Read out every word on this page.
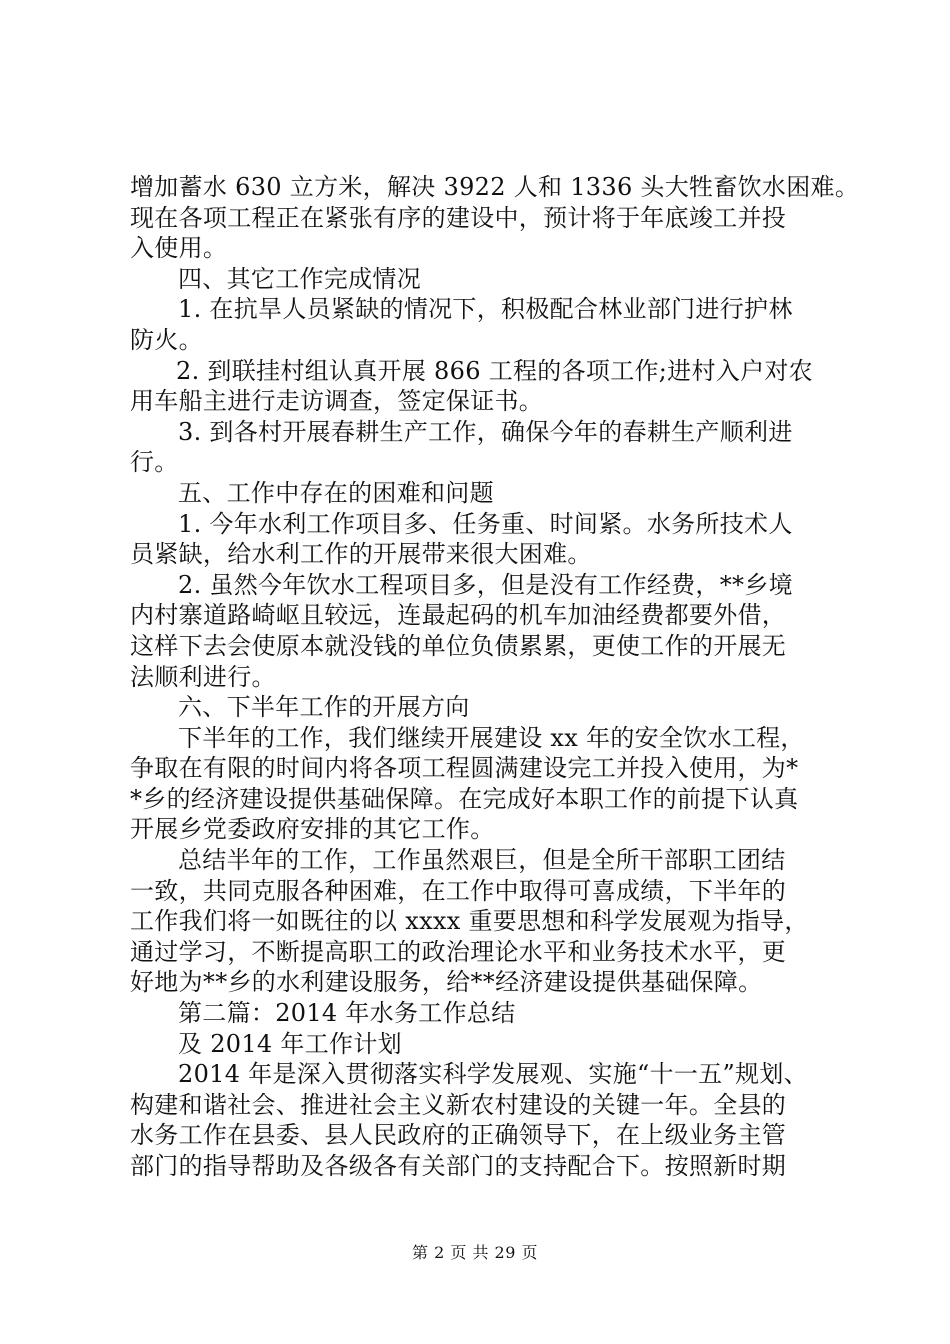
增加蓄水 630 立方米，解决 3922 人和 1336 头大牲畜饮水困难。
现在各项工程正在紧张有序的建设中，预计将于年底竣工并投
入使用。
四、其它工作完成情况
1. 在抗旱人员紧缺的情况下，积极配合林业部门进行护林
防火。
2. 到联挂村组认真开展 866 工程的各项工作;进村入户对农
用车船主进行走访调查，签定保证书。
3. 到各村开展春耕生产工作，确保今年的春耕生产顺利进
行。
五、工作中存在的困难和问题
1. 今年水利工作项目多、任务重、时间紧。水务所技术人
员紧缺，给水利工作的开展带来很大困难。
2. 虽然今年饮水工程项目多，但是没有工作经费，**乡境
内村寨道路崎岖且较远，连最起码的机车加油经费都要外借，
这样下去会使原本就没钱的单位负债累累，更使工作的开展无
法顺利进行。
六、下半年工作的开展方向
下半年的工作，我们继续开展建设 xx 年的安全饮水工程，
争取在有限的时间内将各项工程圆满建设完工并投入使用，为*
*乡的经济建设提供基础保障。在完成好本职工作的前提下认真
开展乡党委政府安排的其它工作。
总结半年的工作，工作虽然艰巨，但是全所干部职工团结
一致，共同克服各种困难，在工作中取得可喜成绩，下半年的
工作我们将一如既往的以 xxxx 重要思想和科学发展观为指导，
通过学习，不断提高职工的政治理论水平和业务技术水平，更
好地为**乡的水利建设服务，给**经济建设提供基础保障。
第二篇：2014 年水务工作总结
及 2014 年工作计划
2014 年是深入贯彻落实科学发展观、实施“十一五”规划、
构建和谐社会、推进社会主义新农村建设的关键一年。全县的
水务工作在县委、县人民政府的正确领导下，在上级业务主管
部门的指导帮助及各级各有关部门的支持配合下。按照新时期
第 2 页 共 29 页
